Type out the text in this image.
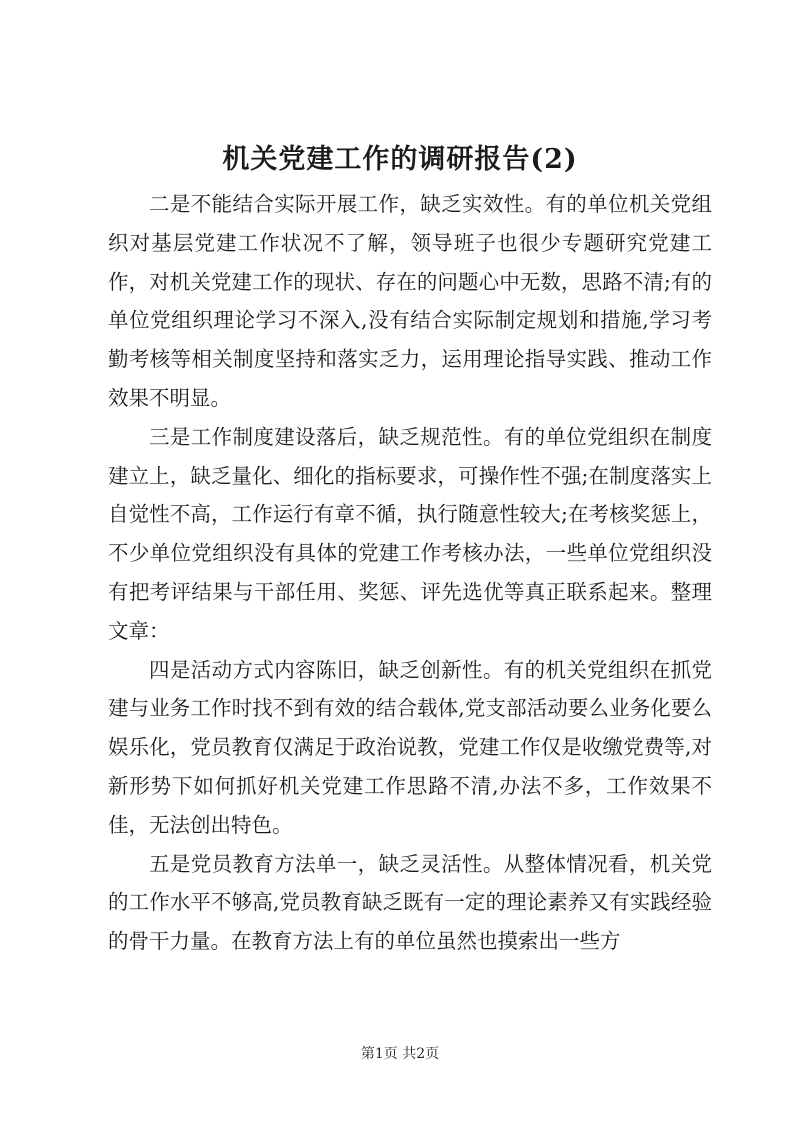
机关党建工作的调研报告(2)

二是不能结合实际开展工作，缺乏实效性。有的单位机关党组织对基层党建工作状况不了解，领导班子也很少专题研究党建工作，对机关党建工作的现状、存在的问题心中无数，思路不清;有的单位党组织理论学习不深入,没有结合实际制定规划和措施,学习考勤考核等相关制度坚持和落实乏力，运用理论指导实践、推动工作效果不明显。

三是工作制度建设落后，缺乏规范性。有的单位党组织在制度建立上，缺乏量化、细化的指标要求，可操作性不强;在制度落实上自觉性不高，工作运行有章不循，执行随意性较大;在考核奖惩上，不少单位党组织没有具体的党建工作考核办法，一些单位党组织没有把考评结果与干部任用、奖惩、评先选优等真正联系起来。整理文章：

四是活动方式内容陈旧，缺乏创新性。有的机关党组织在抓党建与业务工作时找不到有效的结合载体,党支部活动要么业务化要么娱乐化，党员教育仅满足于政治说教，党建工作仅是收缴党费等,对新形势下如何抓好机关党建工作思路不清,办法不多，工作效果不佳，无法创出特色。

五是党员教育方法单一，缺乏灵活性。从整体情况看，机关党的工作水平不够高,党员教育缺乏既有一定的理论素养又有实践经验的骨干力量。在教育方法上有的单位虽然也摸索出一些方

第1页 共2页
